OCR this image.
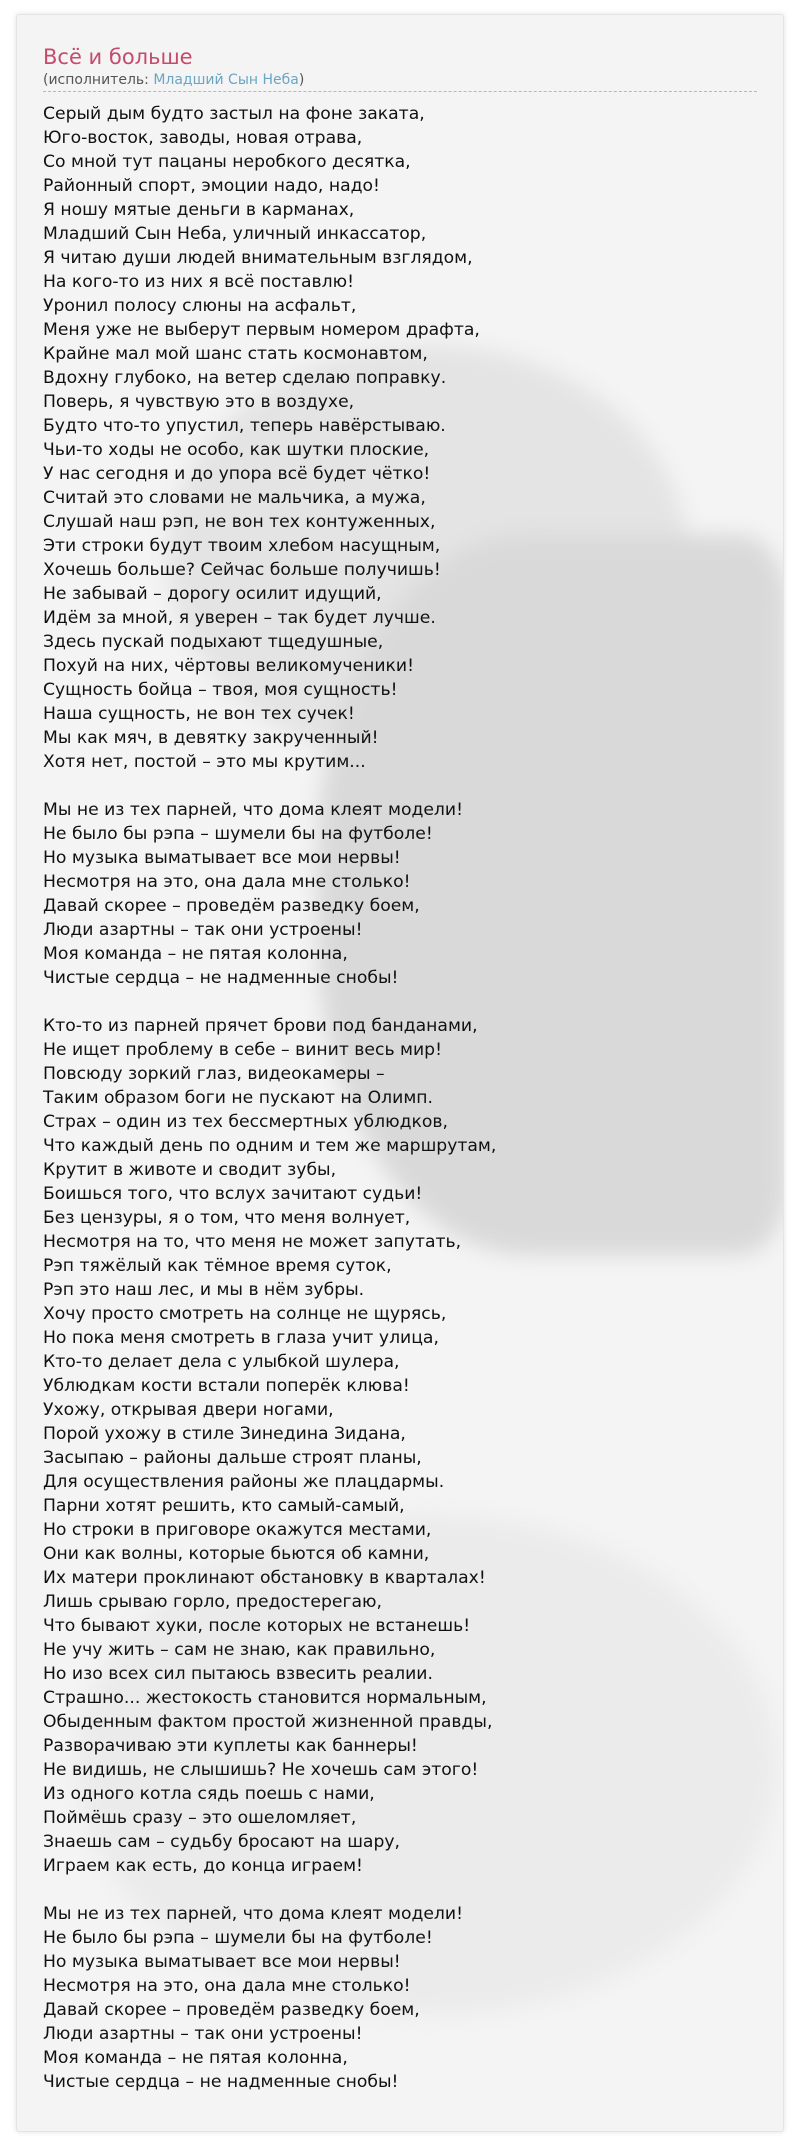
Всё и больше
(исполнитель: Младший Сын Неба)
Серый дым будто застыл на фоне заката,
Юго-восток, заводы, новая отрава,
Со мной тут пацаны неробкого десятка,
Районный спорт, эмоции надо, надо!
Я ношу мятые деньги в карманах,
Младший Сын Неба, уличный инкассатор,
Я читаю души людей внимательным взглядом,
На кого-то из них я всё поставлю!
Уронил полосу слюны на асфальт,
Меня уже не выберут первым номером драфта,
Крайне мал мой шанс стать космонавтом,
Вдохну глубоко, на ветер сделаю поправку.
Поверь, я чувствую это в воздухе,
Будто что-то упустил, теперь навёрстываю.
Чьи-то ходы не особо, как шутки плоские,
У нас сегодня и до упора всё будет чётко!
Считай это словами не мальчика, а мужа,
Слушай наш рэп, не вон тех контуженных,
Эти строки будут твоим хлебом насущным,
Хочешь больше? Сейчас больше получишь!
Не забывай – дорогу осилит идущий,
Идём за мной, я уверен – так будет лучше.
Здесь пускай подыхают тщедушные,
Похуй на них, чёртовы великомученики!
Сущность бойца – твоя, моя сущность!
Наша сущность, не вон тех сучек!
Мы как мяч, в девятку закрученный!
Хотя нет, постой – это мы крутим...
Мы не из тех парней, что дома клеят модели!
Не было бы рэпа – шумели бы на футболе!
Но музыка выматывает все мои нервы!
Несмотря на это, она дала мне столько!
Давай скорее – проведём разведку боем,
Люди азартны – так они устроены!
Моя команда – не пятая колонна,
Чистые сердца – не надменные снобы!
Кто-то из парней прячет брови под банданами,
Не ищет проблему в себе – винит весь мир!
Повсюду зоркий глаз, видеокамеры –
Таким образом боги не пускают на Олимп.
Страх – один из тех бессмертных ублюдков,
Что каждый день по одним и тем же маршрутам,
Крутит в животе и сводит зубы,
Боишься того, что вслух зачитают судьи!
Без цензуры, я о том, что меня волнует,
Несмотря на то, что меня не может запутать,
Рэп тяжёлый как тёмное время суток,
Рэп это наш лес, и мы в нём зубры.
Хочу просто смотреть на солнце не щурясь,
Но пока меня смотреть в глаза учит улица,
Кто-то делает дела с улыбкой шулера,
Ублюдкам кости встали поперёк клюва!
Ухожу, открывая двери ногами,
Порой ухожу в стиле Зинедина Зидана,
Засыпаю – районы дальше строят планы,
Для осуществления районы же плацдармы.
Парни хотят решить, кто самый-самый,
Но строки в приговоре окажутся местами,
Они как волны, которые бьются об камни,
Их матери проклинают обстановку в кварталах!
Лишь срываю горло, предостерегаю,
Что бывают хуки, после которых не встанешь!
Не учу жить – сам не знаю, как правильно,
Но изо всех сил пытаюсь взвесить реалии.
Страшно... жестокость становится нормальным,
Обыденным фактом простой жизненной правды,
Разворачиваю эти куплеты как баннеры!
Не видишь, не слышишь? Не хочешь сам этого!
Из одного котла сядь поешь с нами,
Поймёшь сразу – это ошеломляет,
Знаешь сам – судьбу бросают на шару,
Играем как есть, до конца играем!
Мы не из тех парней, что дома клеят модели!
Не было бы рэпа – шумели бы на футболе!
Но музыка выматывает все мои нервы!
Несмотря на это, она дала мне столько!
Давай скорее – проведём разведку боем,
Люди азартны – так они устроены!
Моя команда – не пятая колонна,
Чистые сердца – не надменные снобы!
